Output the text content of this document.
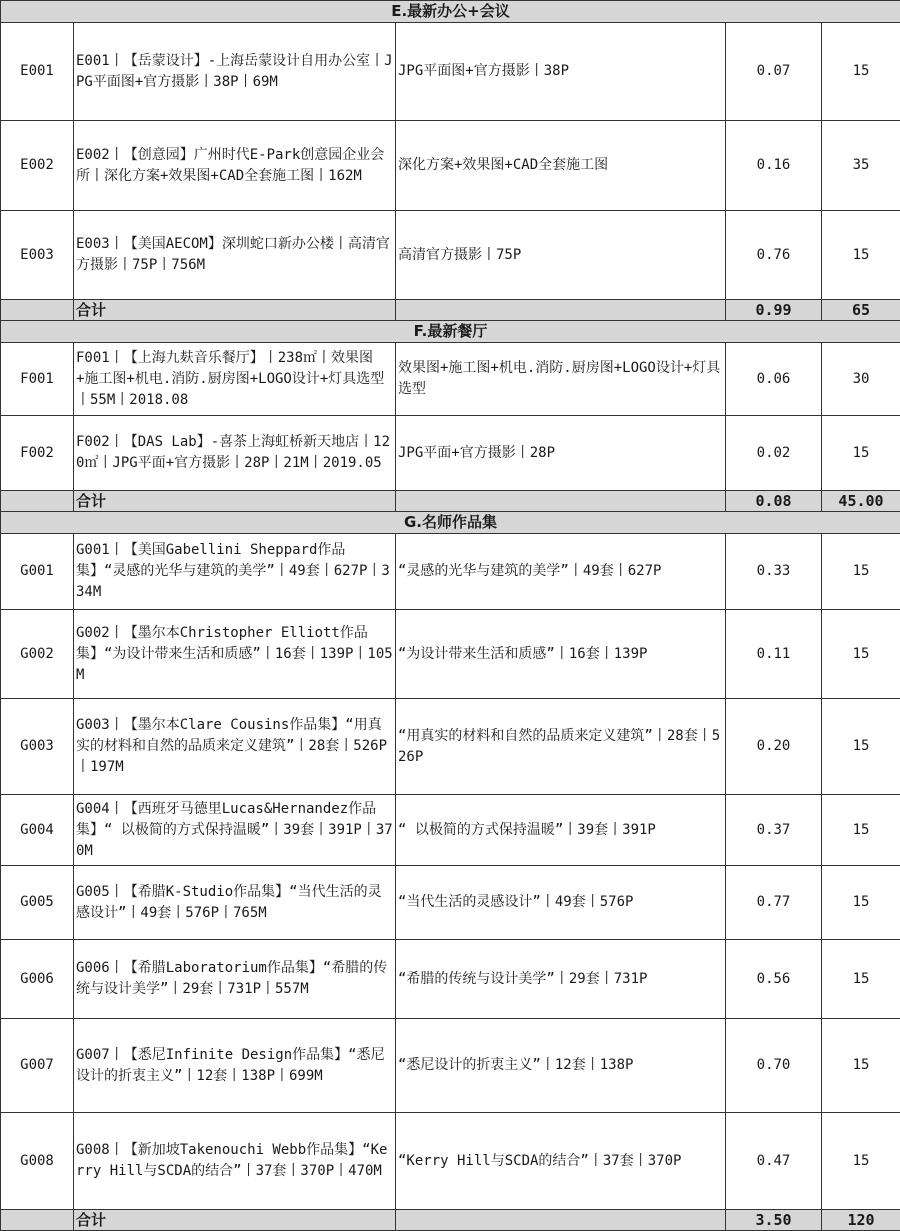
E.最新办公+会议				
E001	E001丨【岳蒙设计】-上海岳蒙设计自用办公室丨JPG平面图+官方摄影丨38P丨69M	JPG平面图+官方摄影丨38P	0.07	15
E002	E002丨【创意园】广州时代E-Park创意园企业会所丨深化方案+效果图+CAD全套施工图丨162M	深化方案+效果图+CAD全套施工图	0.16	35
E003	E003丨【美国AECOM】深圳蛇口新办公楼丨高清官方摄影丨75P丨756M	高清官方摄影丨75P	0.76	15
	合计		0.99	65
F.最新餐厅				
F001	F001丨【上海九麸音乐餐厅】丨238㎡丨效果图+施工图+机电.消防.厨房图+LOGO设计+灯具选型丨55M丨2018.08	效果图+施工图+机电.消防.厨房图+LOGO设计+灯具选型	0.06	30
F002	F002丨【DAS Lab】-喜茶上海虹桥新天地店丨120㎡丨JPG平面+官方摄影丨28P丨21M丨2019.05	JPG平面+官方摄影丨28P	0.02	15
	合计		0.08	45.00
G.名师作品集				
G001	G001丨【美国Gabellini Sheppard作品集】“灵感的光华与建筑的美学”丨49套丨627P丨334M	“灵感的光华与建筑的美学”丨49套丨627P	0.33	15
G002	G002丨【墨尔本Christopher Elliott作品集】“为设计带来生活和质感”丨16套丨139P丨105M	“为设计带来生活和质感”丨16套丨139P	0.11	15
G003	G003丨【墨尔本Clare Cousins作品集】“用真实的材料和自然的品质来定义建筑”丨28套丨526P丨197M	“用真实的材料和自然的品质来定义建筑”丨28套丨526P	0.20	15
G004	G004丨【西班牙马德里Lucas&Hernandez作品集】“ 以极简的方式保持温暖”丨39套丨391P丨370M	“ 以极简的方式保持温暖”丨39套丨391P	0.37	15
G005	G005丨【希腊K-Studio作品集】“当代生活的灵感设计”丨49套丨576P丨765M	“当代生活的灵感设计”丨49套丨576P	0.77	15
G006	G006丨【希腊Laboratorium作品集】“希腊的传统与设计美学”丨29套丨731P丨557M	“希腊的传统与设计美学”丨29套丨731P	0.56	15
G007	G007丨【悉尼Infinite Design作品集】“悉尼设计的折衷主义”丨12套丨138P丨699M	“悉尼设计的折衷主义”丨12套丨138P	0.70	15
G008	G008丨【新加坡Takenouchi Webb作品集】“Kerry Hill与SCDA的结合”丨37套丨370P丨470M	“Kerry Hill与SCDA的结合”丨37套丨370P	0.47	15
	合计		3.50	120
